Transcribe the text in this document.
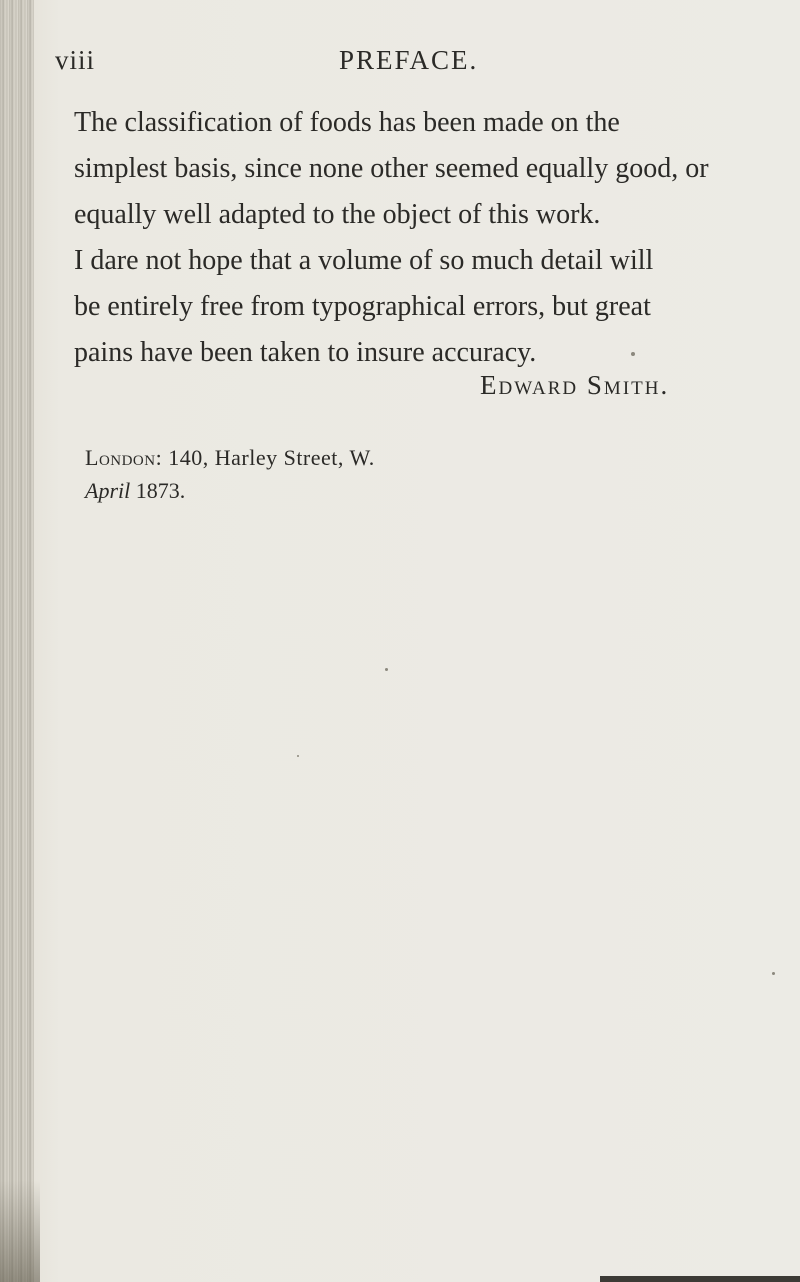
viii	PREFACE.

The classification of foods has been made on the
simplest basis, since none other seemed equally good, or
equally well adapted to the object of this work.

I dare not hope that a volume of so much detail will
be entirely free from typographical errors, but great
pains have been taken to insure accuracy.

Edward Smith.
London: 140, Harley Street, W.
April 1873.
